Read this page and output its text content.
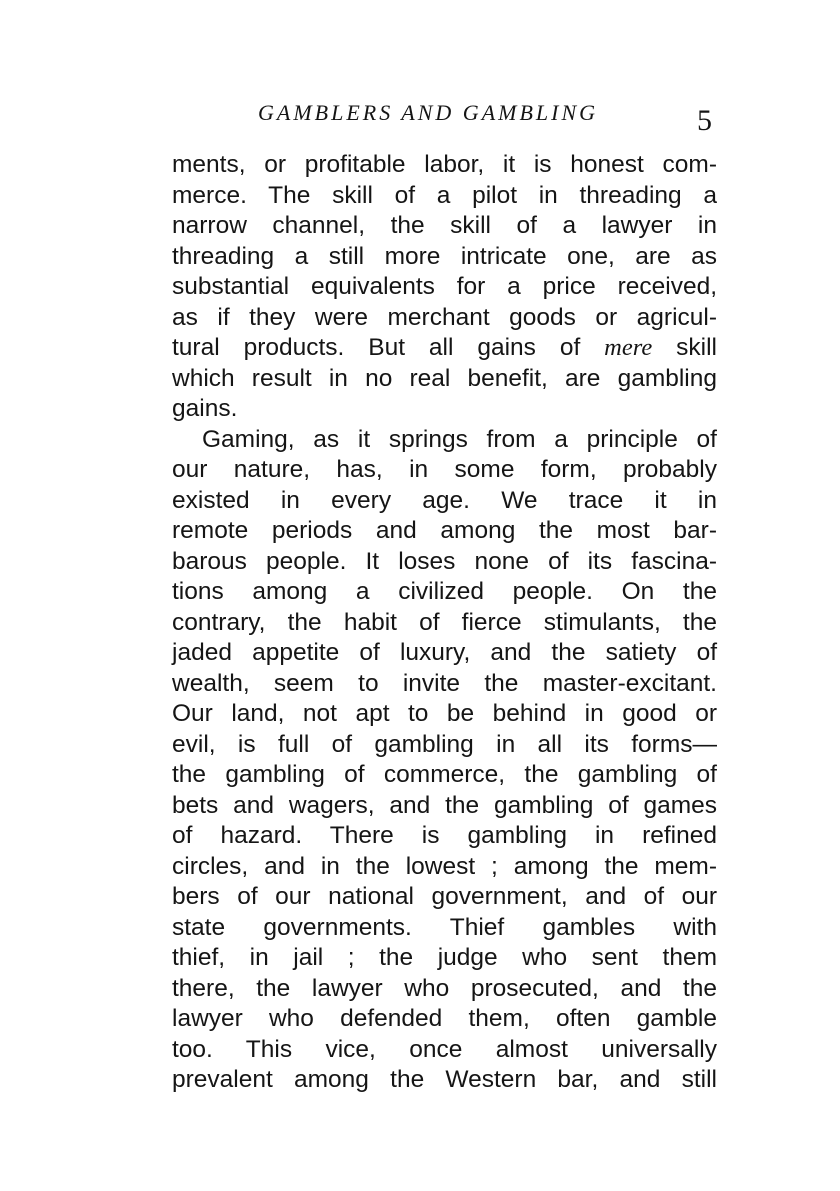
GAMBLERS AND GAMBLING	5
ments, or profitable labor, it is honest com-
merce. The skill of a pilot in threading a
narrow channel, the skill of a lawyer in
threading a still more intricate one, are as
substantial equivalents for a price received,
as if they were merchant goods or agricul-
tural products. But all gains of mere skill
which result in no real benefit, are gambling
gains.
Gaming, as it springs from a principle of
our nature, has, in some form, probably
existed in every age. We trace it in
remote periods and among the most bar-
barous people. It loses none of its fascina-
tions among a civilized people. On the
contrary, the habit of fierce stimulants, the
jaded appetite of luxury, and the satiety of
wealth, seem to invite the master-excitant.
Our land, not apt to be behind in good or
evil, is full of gambling in all its forms—
the gambling of commerce, the gambling of
bets and wagers, and the gambling of games
of hazard. There is gambling in refined
circles, and in the lowest ; among the mem-
bers of our national government, and of our
state governments. Thief gambles with
thief, in jail ; the judge who sent them
there, the lawyer who prosecuted, and the
lawyer who defended them, often gamble
too. This vice, once almost universally
prevalent among the Western bar, and still
